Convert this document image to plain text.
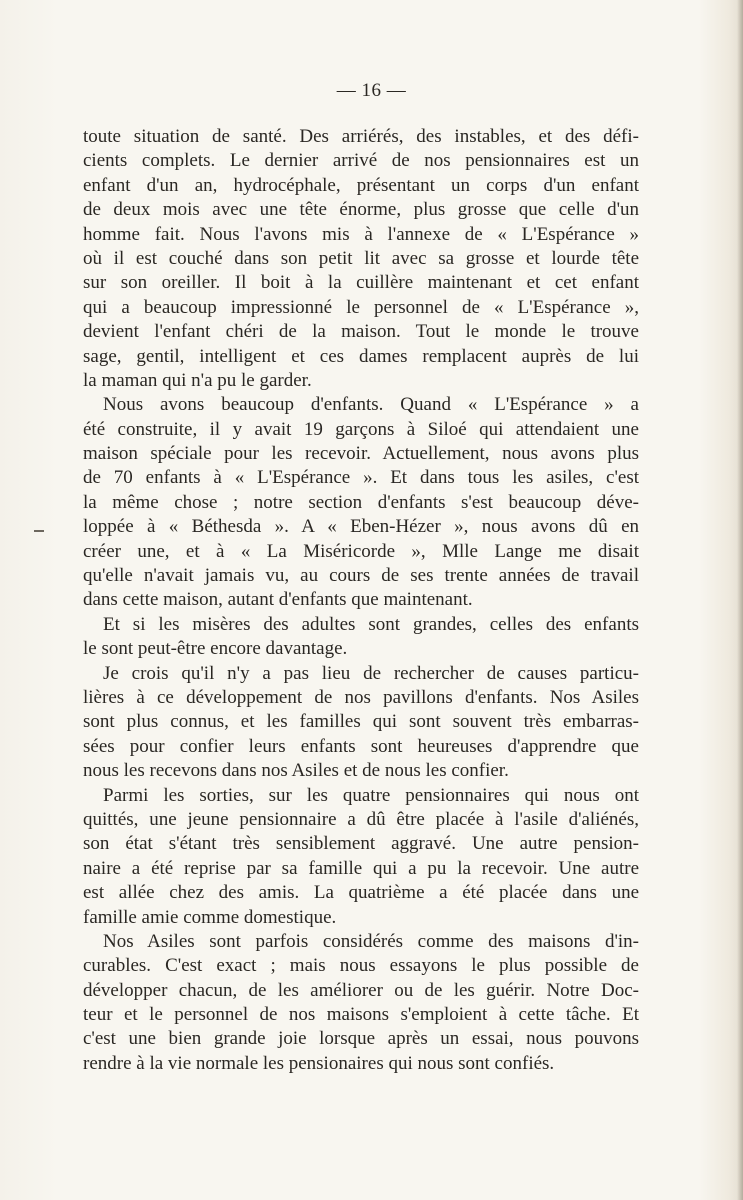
— 16 —
toute situation de santé. Des arriérés, des instables, et des défi-
cients complets. Le dernier arrivé de nos pensionnaires est un
enfant d'un an, hydrocéphale, présentant un corps d'un enfant
de deux mois avec une tête énorme, plus grosse que celle d'un
homme fait. Nous l'avons mis à l'annexe de « L'Espérance »
où il est couché dans son petit lit avec sa grosse et lourde tête
sur son oreiller. Il boit à la cuillère maintenant et cet enfant
qui a beaucoup impressionné le personnel de « L'Espérance »,
devient l'enfant chéri de la maison. Tout le monde le trouve
sage, gentil, intelligent et ces dames remplacent auprès de lui
la maman qui n'a pu le garder.
Nous avons beaucoup d'enfants. Quand « L'Espérance » a
été construite, il y avait 19 garçons à Siloé qui attendaient une
maison spéciale pour les recevoir. Actuellement, nous avons plus
de 70 enfants à « L'Espérance ». Et dans tous les asiles, c'est
la même chose ; notre section d'enfants s'est beaucoup déve-
loppée à « Béthesda ». A « Eben-Hézer », nous avons dû en
créer une, et à « La Miséricorde », Mlle Lange me disait
qu'elle n'avait jamais vu, au cours de ses trente années de travail
dans cette maison, autant d'enfants que maintenant.
Et si les misères des adultes sont grandes, celles des enfants
le sont peut-être encore davantage.
Je crois qu'il n'y a pas lieu de rechercher de causes particu-
lières à ce développement de nos pavillons d'enfants. Nos Asiles
sont plus connus, et les familles qui sont souvent très embarras-
sées pour confier leurs enfants sont heureuses d'apprendre que
nous les recevons dans nos Asiles et de nous les confier.
Parmi les sorties, sur les quatre pensionnaires qui nous ont
quittés, une jeune pensionnaire a dû être placée à l'asile d'aliénés,
son état s'étant très sensiblement aggravé. Une autre pension-
naire a été reprise par sa famille qui a pu la recevoir. Une autre
est allée chez des amis. La quatrième a été placée dans une
famille amie comme domestique.
Nos Asiles sont parfois considérés comme des maisons d'in-
curables. C'est exact ; mais nous essayons le plus possible de
développer chacun, de les améliorer ou de les guérir. Notre Doc-
teur et le personnel de nos maisons s'emploient à cette tâche. Et
c'est une bien grande joie lorsque après un essai, nous pouvons
rendre à la vie normale les pensionaires qui nous sont confiés.
